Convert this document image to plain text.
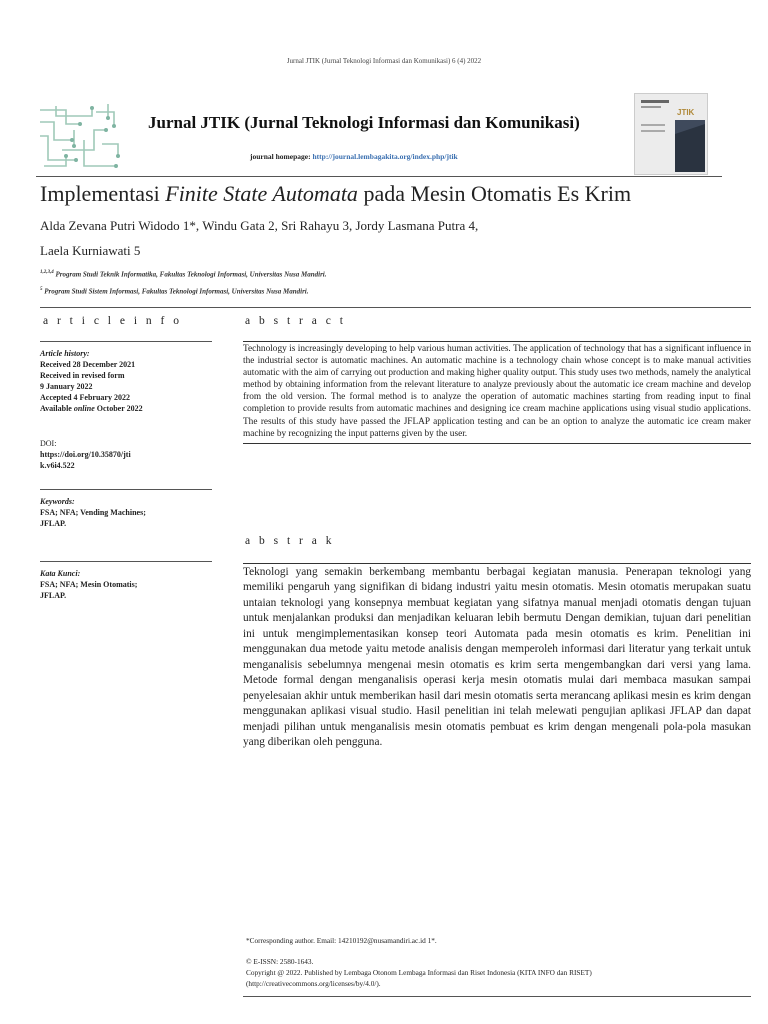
Jurnal JTIK (Jurnal Teknologi Informasi dan Komunikasi) 6 (4) 2022
Jurnal JTIK (Jurnal Teknologi Informasi dan Komunikasi)
journal homepage: http://journal.lembagakita.org/index.php/jtik
JTIK
Implementasi Finite State Automata pada Mesin Otomatis Es Krim
Alda Zevana Putri Widodo 1*, Windu Gata 2, Sri Rahayu 3, Jordy Lasmana Putra 4,
Laela Kurniawati 5
$^{1,2,3,4}$ Program Studi Teknik Informatika, Fakultas Teknologi Informasi, Universitas Nusa Mandiri.
$^5$ Program Studi Sistem Informasi, Fakultas Teknologi Informasi, Universitas Nusa Mandiri.
a r t i c l e i n f o	a b s t r a c t
Article history:
Received 28 December 2021
Received in revised form
9 January 2022
Accepted 4 February 2022
Available online October 2022
DOI:
https://doi.org/10.35870/jti
k.v6i4.522
Keywords:
FSA; NFA; Vending Machines;
JFLAP.
Kata Kunci:
FSA; NFA; Mesin Otomatis;
JFLAP.
Technology is increasingly developing to help various human activities. The application of technology that has a significant influence in the industrial sector is automatic machines. An automatic machine is a technology chain whose concept is to make manual activities automatic with the aim of carrying out production and making higher quality output. This study uses two methods, namely the analytical method by obtaining information from the relevant literature to analyze previously about the automatic ice cream machine and develop from the old version. The formal method is to analyze the operation of automatic machines starting from reading input to final completion to provide results from automatic machines and designing ice cream machine applications using visual studio applications. The results of this study have passed the JFLAP application testing and can be an option to analyze the automatic ice cream maker machine by recognizing the input patterns given by the user.
a b s t r a k
Teknologi yang semakin berkembang membantu berbagai kegiatan manusia. Penerapan teknologi yang memiliki pengaruh yang signifikan di bidang industri yaitu mesin otomatis. Mesin otomatis merupakan suatu untaian teknologi yang konsepnya membuat kegiatan yang sifatnya manual menjadi otomatis dengan tujuan untuk menjalankan produksi dan menjadikan keluaran lebih bermutu Dengan demikian, tujuan dari penelitian ini untuk mengimplementasikan konsep teori Automata pada mesin otomatis es krim. Penelitian ini menggunakan dua metode yaitu metode analisis dengan memperoleh informasi dari literatur yang terkait untuk menganalisis sebelumnya mengenai mesin otomatis es krim serta mengembangkan dari versi yang lama. Metode formal dengan menganalisis operasi kerja mesin otomatis mulai dari membaca masukan sampai penyelesaian akhir untuk memberikan hasil dari mesin otomatis serta merancang aplikasi mesin es krim dengan menggunakan aplikasi visual studio. Hasil penelitian ini telah melewati pengujian aplikasi JFLAP dan dapat menjadi pilihan untuk menganalisis mesin otomatis pembuat es krim dengan mengenali pola-pola masukan yang diberikan oleh pengguna.
*Corresponding author. Email: 14210192@nusamandiri.ac.id 1*.
© E-ISSN: 2580-1643.
Copyright @ 2022. Published by Lembaga Otonom Lembaga Informasi dan Riset Indonesia (KITA INFO dan RISET)
(http://creativecommons.org/licenses/by/4.0/).
